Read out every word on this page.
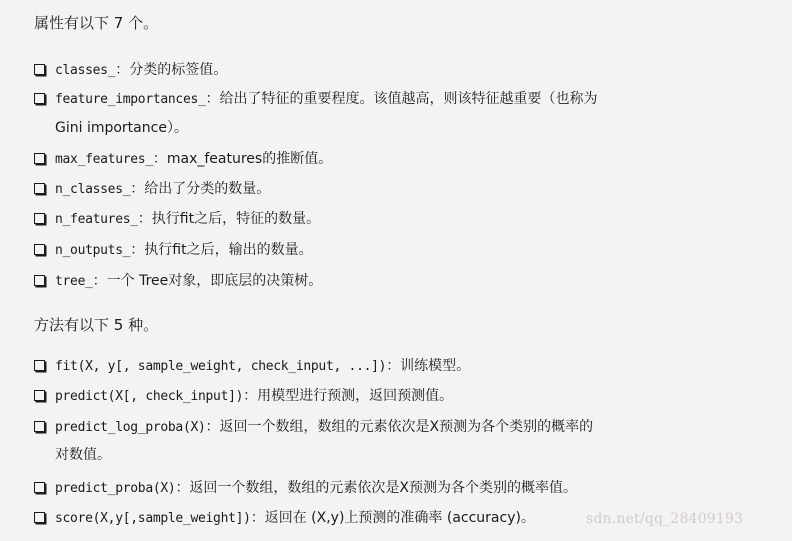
属性有以下 7 个。
classes_：分类的标签值。
feature_importances_：给出了特征的重要程度。该值越高，则该特征越重要（也称为
Gini importance）。
max_features_：max_features的推断值。
n_classes_：给出了分类的数量。
n_features_：执行fit之后，特征的数量。
n_outputs_：执行fit之后，输出的数量。
tree_：一个 Tree对象，即底层的决策树。
方法有以下 5 种。
fit(X, y[, sample_weight, check_input, ...])：训练模型。
predict(X[, check_input])：用模型进行预测，返回预测值。
predict_log_proba(X)：返回一个数组，数组的元素依次是X预测为各个类别的概率的
对数值。
predict_proba(X)：返回一个数组，数组的元素依次是X预测为各个类别的概率值。
score(X,y[,sample_weight])：返回在 (X,y)上预测的准确率 (accuracy)。	sdn.net/qq_28409193
